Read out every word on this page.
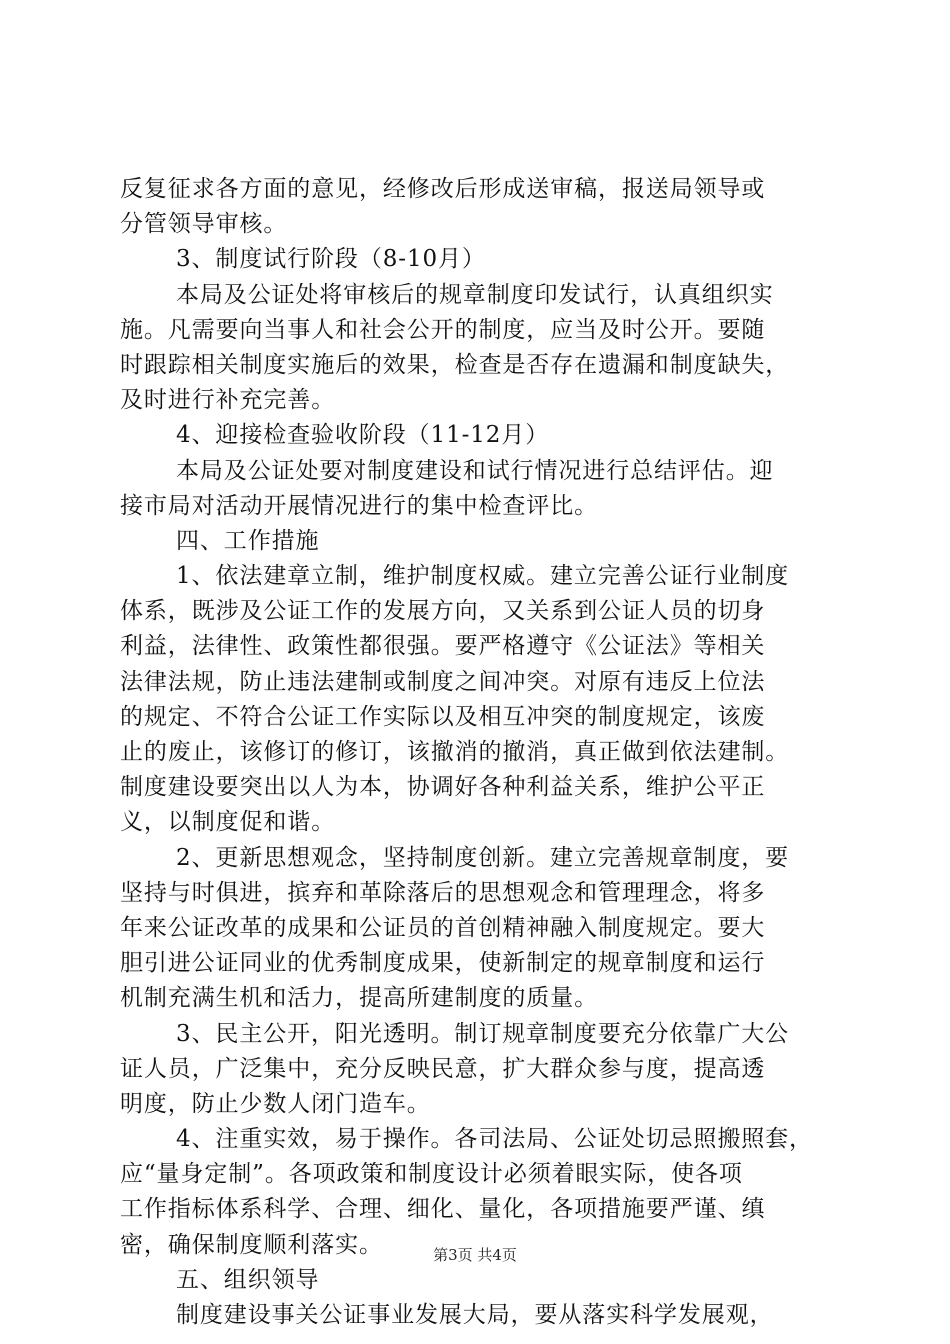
反复征求各方面的意见，经修改后形成送审稿，报送局领导或
分管领导审核。
3、制度试行阶段（8-10月）
本局及公证处将审核后的规章制度印发试行，认真组织实
施。凡需要向当事人和社会公开的制度，应当及时公开。要随
时跟踪相关制度实施后的效果，检查是否存在遗漏和制度缺失，
及时进行补充完善。
4、迎接检查验收阶段（11-12月）
本局及公证处要对制度建设和试行情况进行总结评估。迎
接市局对活动开展情况进行的集中检查评比。
四、工作措施
1、依法建章立制，维护制度权威。建立完善公证行业制度
体系，既涉及公证工作的发展方向，又关系到公证人员的切身
利益，法律性、政策性都很强。要严格遵守《公证法》等相关
法律法规，防止违法建制或制度之间冲突。对原有违反上位法
的规定、不符合公证工作实际以及相互冲突的制度规定，该废
止的废止，该修订的修订，该撤消的撤消，真正做到依法建制。
制度建设要突出以人为本，协调好各种利益关系，维护公平正
义，以制度促和谐。
2、更新思想观念，坚持制度创新。建立完善规章制度，要
坚持与时俱进，摈弃和革除落后的思想观念和管理理念，将多
年来公证改革的成果和公证员的首创精神融入制度规定。要大
胆引进公证同业的优秀制度成果，使新制定的规章制度和运行
机制充满生机和活力，提高所建制度的质量。
3、民主公开，阳光透明。制订规章制度要充分依靠广大公
证人员，广泛集中，充分反映民意，扩大群众参与度，提高透
明度，防止少数人闭门造车。
4、注重实效，易于操作。各司法局、公证处切忌照搬照套，
应“量身定制”。各项政策和制度设计必须着眼实际，使各项
工作指标体系科学、合理、细化、量化，各项措施要严谨、缜
密，确保制度顺利落实。
五、组织领导
制度建设事关公证事业发展大局，要从落实科学发展观，
第3页 共4页
